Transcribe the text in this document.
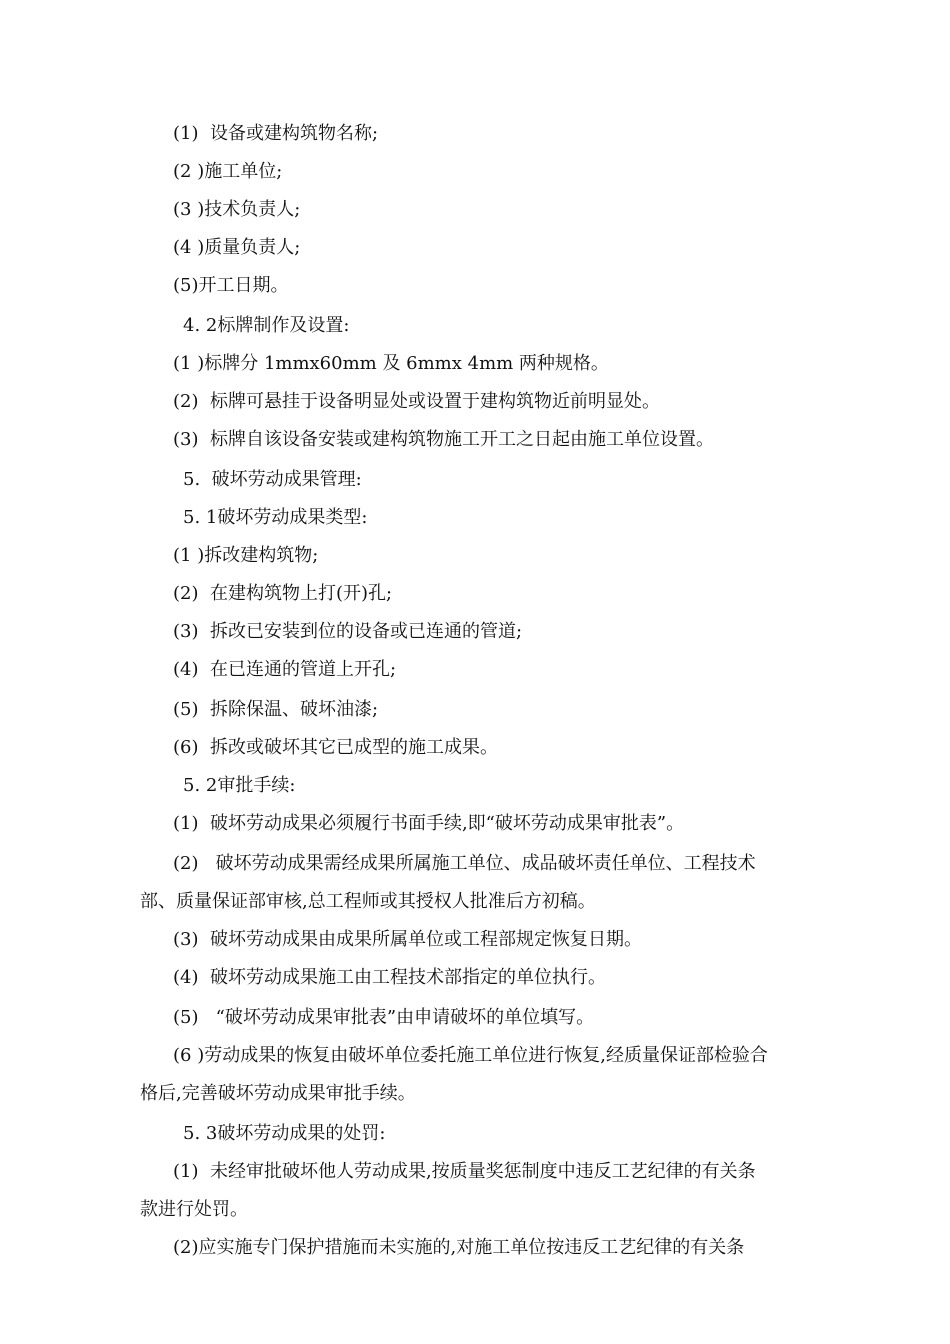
(1)  设备或建构筑物名称;
(2 )施工单位;
(3 )技术负责人;
(4 )质量负责人;
(5)开工日期。
4. 2标牌制作及设置:
(1 )标牌分 1mmx60mm 及 6mmx 4mm 两种规格。
(2)  标牌可悬挂于设备明显处或设置于建构筑物近前明显处。
(3)  标牌自该设备安装或建构筑物施工开工之日起由施工单位设置。
5.  破坏劳动成果管理:
5. 1破坏劳动成果类型:
(1 )拆改建构筑物;
(2)  在建构筑物上打(开)孔;
(3)  拆改已安装到位的设备或已连通的管道;
(4)  在已连通的管道上开孔;
(5)  拆除保温、破坏油漆;
(6)  拆改或破坏其它已成型的施工成果。
5. 2审批手续:
(1)  破坏劳动成果必须履行书面手续,即“破坏劳动成果审批表”。
(2)   破坏劳动成果需经成果所属施工单位、成品破坏责任单位、工程技术
部、质量保证部审核,总工程师或其授权人批准后方初稿。
(3)  破坏劳动成果由成果所属单位或工程部规定恢复日期。
(4)  破坏劳动成果施工由工程技术部指定的单位执行。
(5)   “破坏劳动成果审批表”由申请破坏的单位填写。
(6 )劳动成果的恢复由破坏单位委托施工单位进行恢复,经质量保证部检验合
格后,完善破坏劳动成果审批手续。
5. 3破坏劳动成果的处罚:
(1)  未经审批破坏他人劳动成果,按质量奖惩制度中违反工艺纪律的有关条
款进行处罚。
(2)应实施专门保护措施而未实施的,对施工单位按违反工艺纪律的有关条
